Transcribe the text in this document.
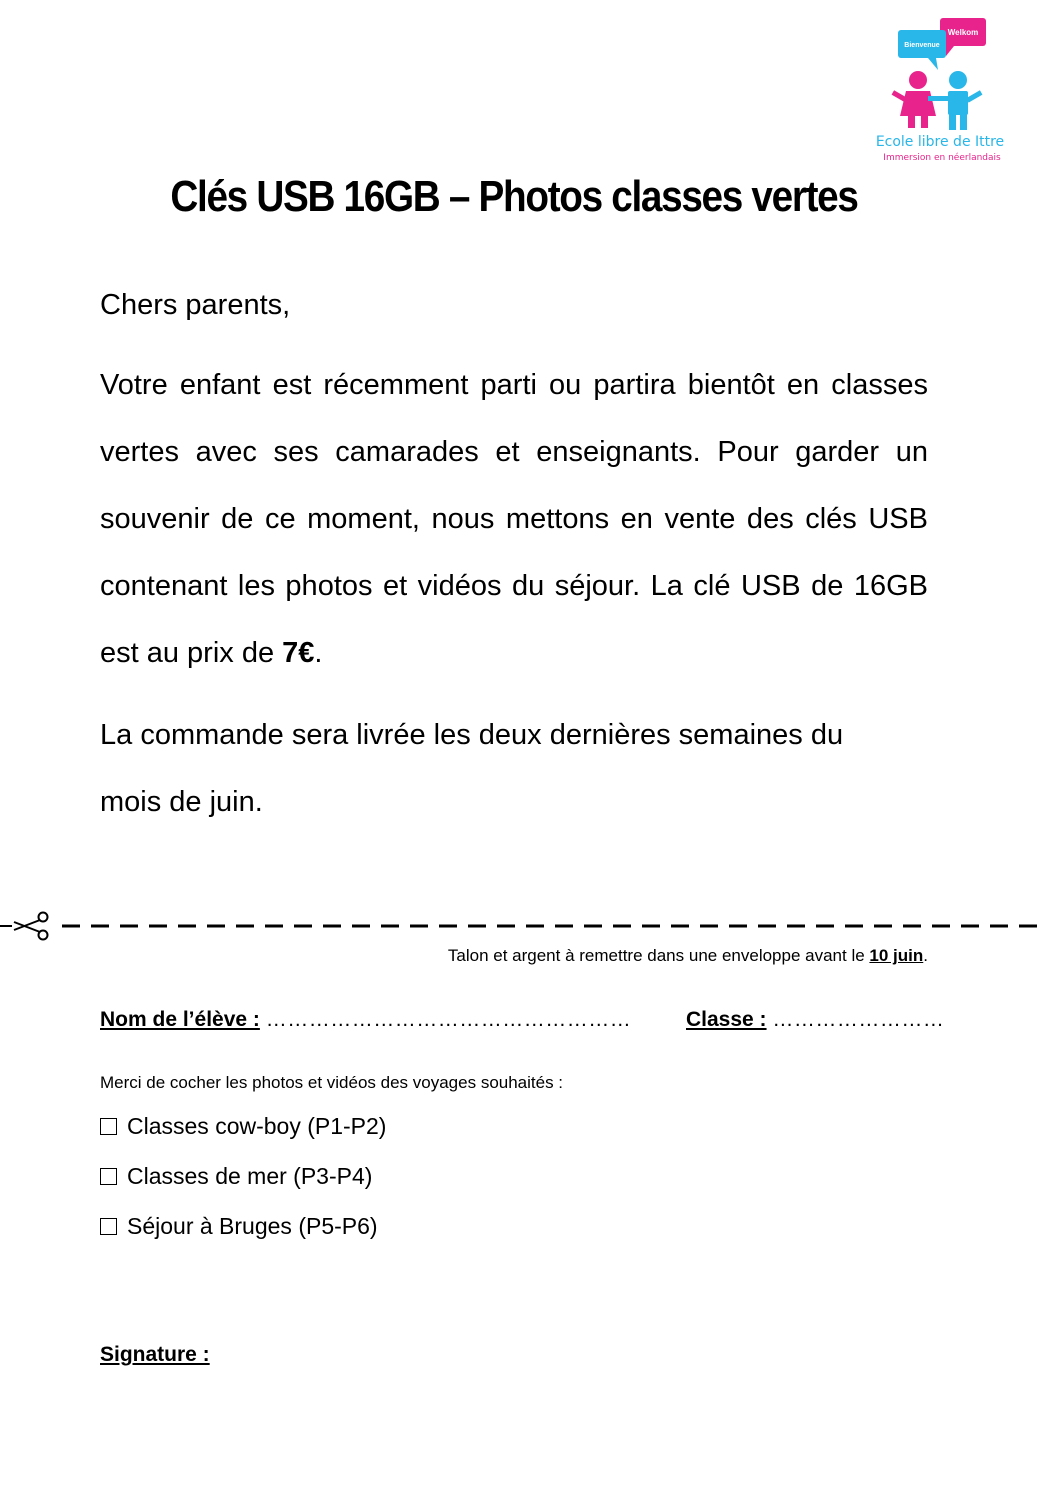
Welkom
Bienvenue
Ecole libre de Ittre
Immersion en néerlandais
Clés USB 16GB – Photos classes vertes

Chers parents,

Votre enfant est récemment parti ou partira bientôt en classes vertes avec ses camarades et enseignants. Pour garder un souvenir de ce moment, nous mettons en vente des clés USB contenant les photos et vidéos du séjour. La clé USB de 16GB est au prix de 7€.

La commande sera livrée les deux dernières semaines du mois de juin.

Talon et argent à remettre dans une enveloppe avant le 10 juin.
Nom de l’élève : ……………………………………………	Classe : ……………………
Merci de cocher les photos et vidéos des voyages souhaités :
Classes cow-boy (P1-P2)
Classes de mer (P3-P4)
Séjour à Bruges (P5-P6)
Signature :
